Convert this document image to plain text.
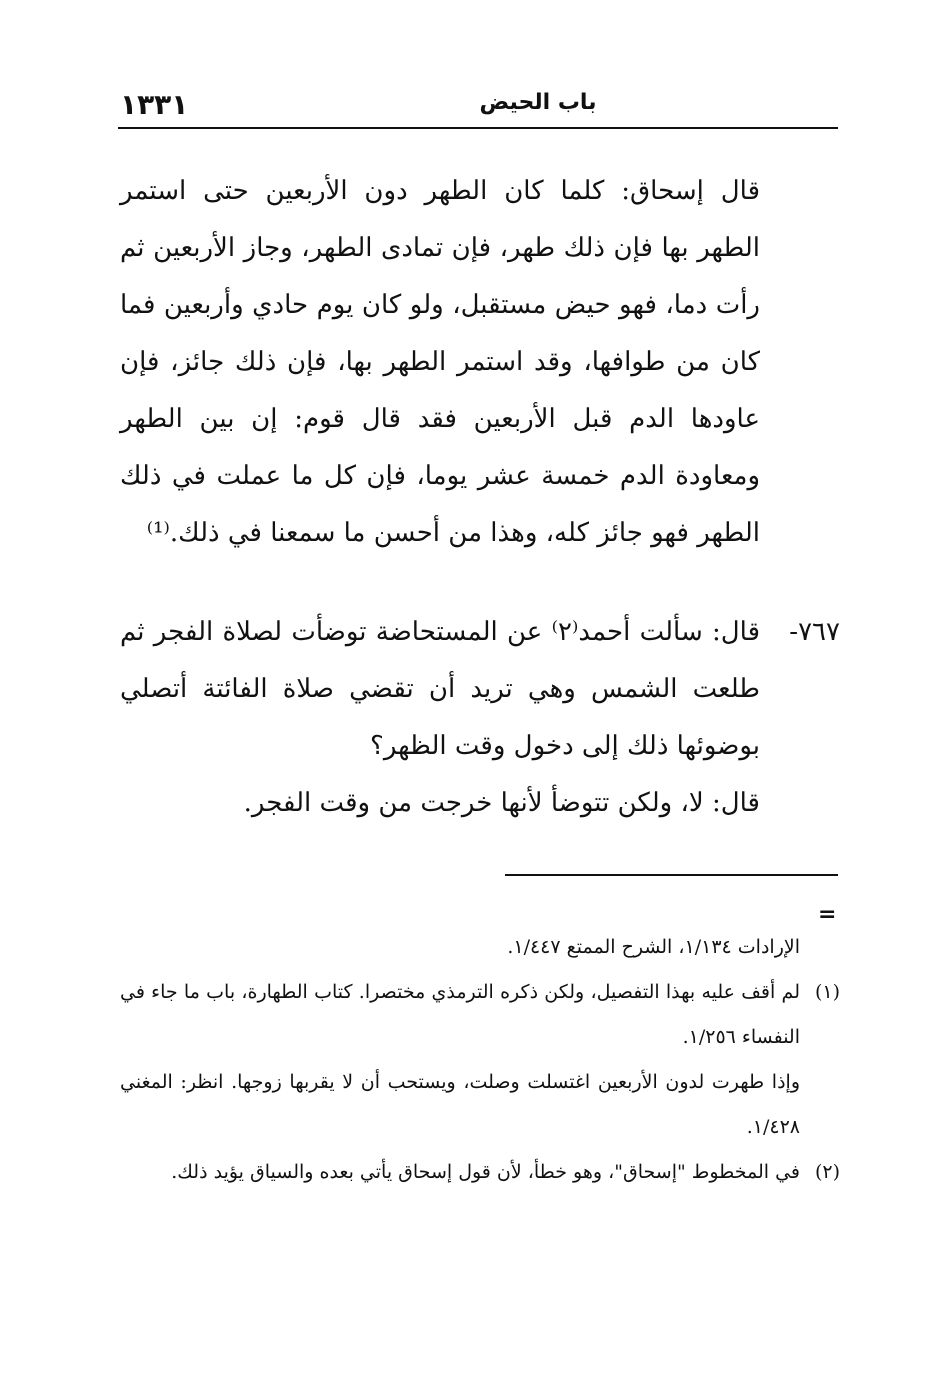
١٣٣١	باب الحيض

قال إسحاق: كلما كان الطهر دون الأربعين حتى استمر الطهر بها فإن ذلك طهر، فإن تمادى الطهر، وجاز الأربعين ثم رأت دما، فهو حيض مستقبل، ولو كان يوم حادي وأربعين فما كان من طوافها، وقد استمر الطهر بها، فإن ذلك جائز، فإن عاودها الدم قبل الأربعين فقد قال قوم: إن بين الطهر ومعاودة الدم خمسة عشر يوما، فإن كل ما عملت في ذلك الطهر فهو جائز كله، وهذا من أحسن ما سمعنا في ذلك.⁽¹⁾

٧٦٧-

قال: سألت أحمد⁽٢⁾ عن المستحاضة توضأت لصلاة الفجر ثم طلعت الشمس وهي تريد أن تقضي صلاة الفائتة أتصلي بوضوئها ذلك إلى دخول وقت الظهر؟

قال: لا، ولكن تتوضأ لأنها خرجت من وقت الفجر.

=

الإرادات ١/١٣٤، الشرح الممتع ١/٤٤٧.

(١)

لم أقف عليه بهذا التفصيل، ولكن ذكره الترمذي مختصرا. كتاب الطهارة، باب ما جاء في النفساء ١/٢٥٦.

وإذا طهرت لدون الأربعين اغتسلت وصلت، ويستحب أن لا يقربها زوجها. انظر: المغني ١/٤٢٨.

(٢)

في المخطوط "إسحاق"، وهو خطأ، لأن قول إسحاق يأتي بعده والسياق يؤيد ذلك.
